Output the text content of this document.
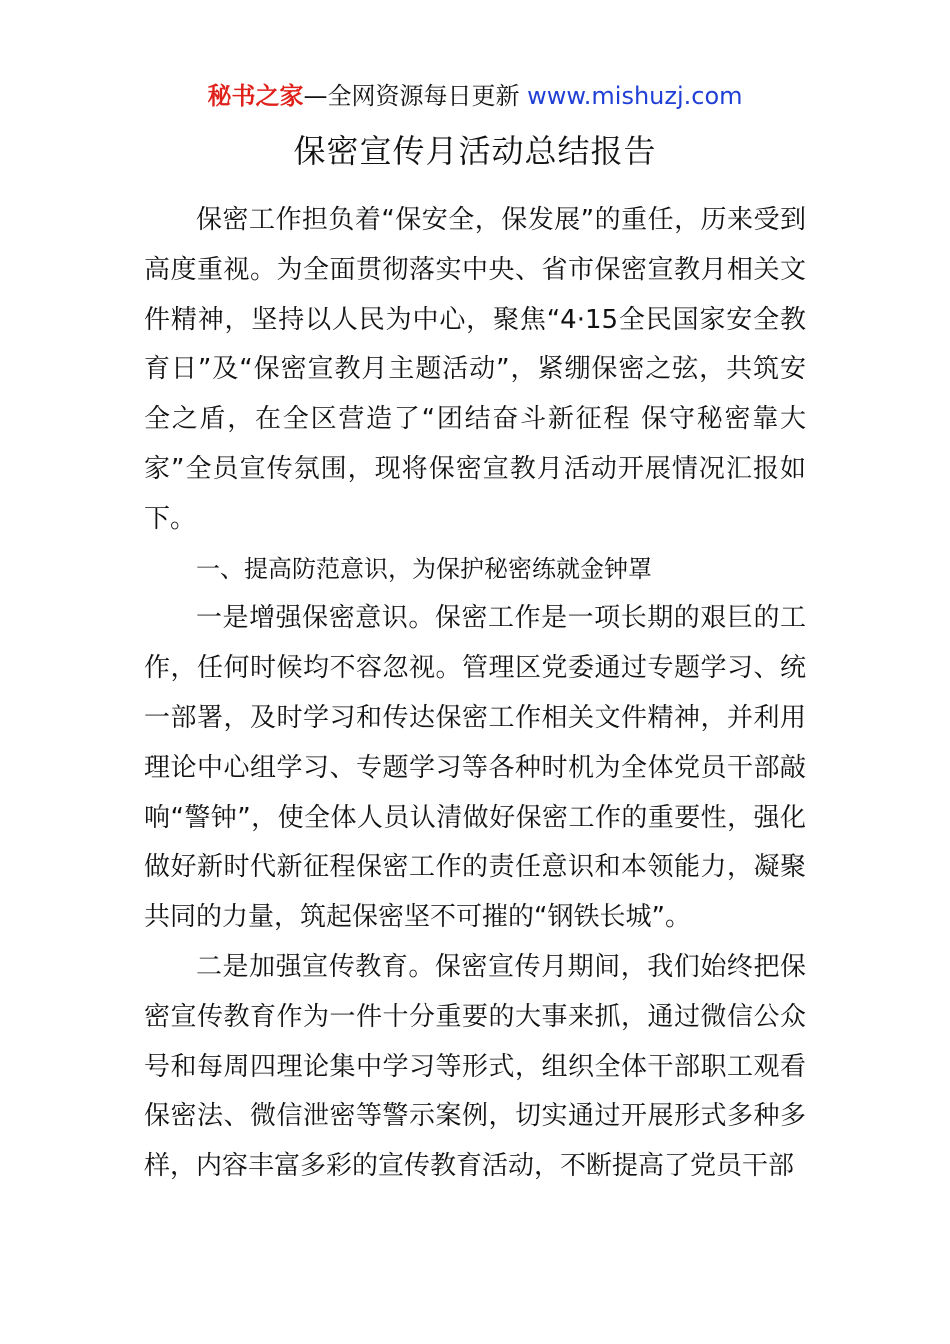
秘书之家—全网资源每日更新 www.mishuzj.com
保密宣传月活动总结报告

保密工作担负着“保安全，保发展”的重任，历来受到高度重视。为全面贯彻落实中央、省市保密宣教月相关文件精神，坚持以人民为中心，聚焦“4·15全民国家安全教育日”及“保密宣教月主题活动”，紧绷保密之弦，共筑安全之盾，在全区营造了“团结奋斗新征程 保守秘密靠大家”全员宣传氛围，现将保密宣教月活动开展情况汇报如下。

一、提高防范意识，为保护秘密练就金钟罩

一是增强保密意识。保密工作是一项长期的艰巨的工作，任何时候均不容忽视。管理区党委通过专题学习、统一部署，及时学习和传达保密工作相关文件精神，并利用理论中心组学习、专题学习等各种时机为全体党员干部敲响“警钟”，使全体人员认清做好保密工作的重要性，强化做好新时代新征程保密工作的责任意识和本领能力，凝聚共同的力量，筑起保密坚不可摧的“钢铁长城”。

二是加强宣传教育。保密宣传月期间，我们始终把保密宣传教育作为一件十分重要的大事来抓，通过微信公众号和每周四理论集中学习等形式，组织全体干部职工观看保密法、微信泄密等警示案例，切实通过开展形式多种多样，内容丰富多彩的宣传教育活动，不断提高了党员干部
